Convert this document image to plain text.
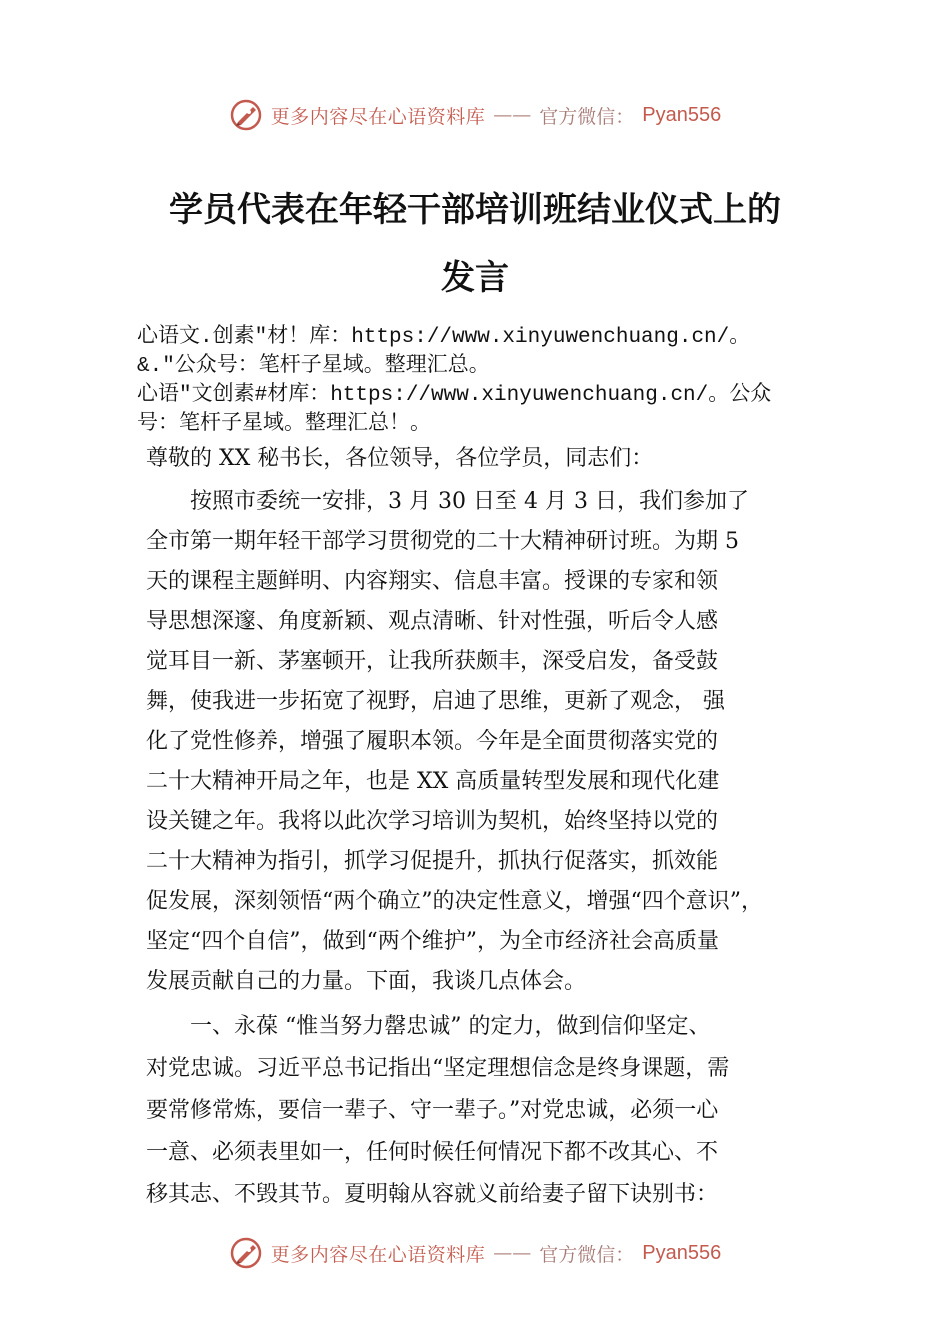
更多内容尽在心语资料库 —— 官方微信： Pyan556
学员代表在年轻干部培训班结业仪式上的
发言
心语文.创素″材！库：https://www.xinyuwenchuang.cn/。
&.″公众号：笔杆子星域。整理汇总。
心语″文创素#材库：https://www.xinyuwenchuang.cn/。公众
号：笔杆子星域。整理汇总！。
尊敬的 XX 秘书长，各位领导，各位学员，同志们：
　　按照市委统一安排，3 月 30 日至 4 月 3 日，我们参加了
全市第一期年轻干部学习贯彻党的二十大精神研讨班。为期 5
天的课程主题鲜明、内容翔实、信息丰富。授课的专家和领
导思想深邃、角度新颖、观点清晰、针对性强，听后令人感
觉耳目一新、茅塞顿开，让我所获颇丰，深受启发，备受鼓
舞，使我进一步拓宽了视野，启迪了思维，更新了观念， 强
化了党性修养，增强了履职本领。今年是全面贯彻落实党的
二十大精神开局之年，也是 XX 高质量转型发展和现代化建
设关键之年。我将以此次学习培训为契机，始终坚持以党的
二十大精神为指引，抓学习促提升，抓执行促落实，抓效能
促发展，深刻领悟“两个确立”的决定性意义，增强“四个意识”，
坚定“四个自信”，做到“两个维护”，为全市经济社会高质量
发展贡献自己的力量。下面，我谈几点体会。
　　一、永葆 “惟当努力罄忠诚” 的定力，做到信仰坚定、
对党忠诚。习近平总书记指出“坚定理想信念是终身课题，需
要常修常炼，要信一辈子、守一辈子。”对党忠诚，必须一心
一意、必须表里如一，任何时候任何情况下都不改其心、不
移其志、不毁其节。夏明翰从容就义前给妻子留下诀别书：
更多内容尽在心语资料库 —— 官方微信： Pyan556
